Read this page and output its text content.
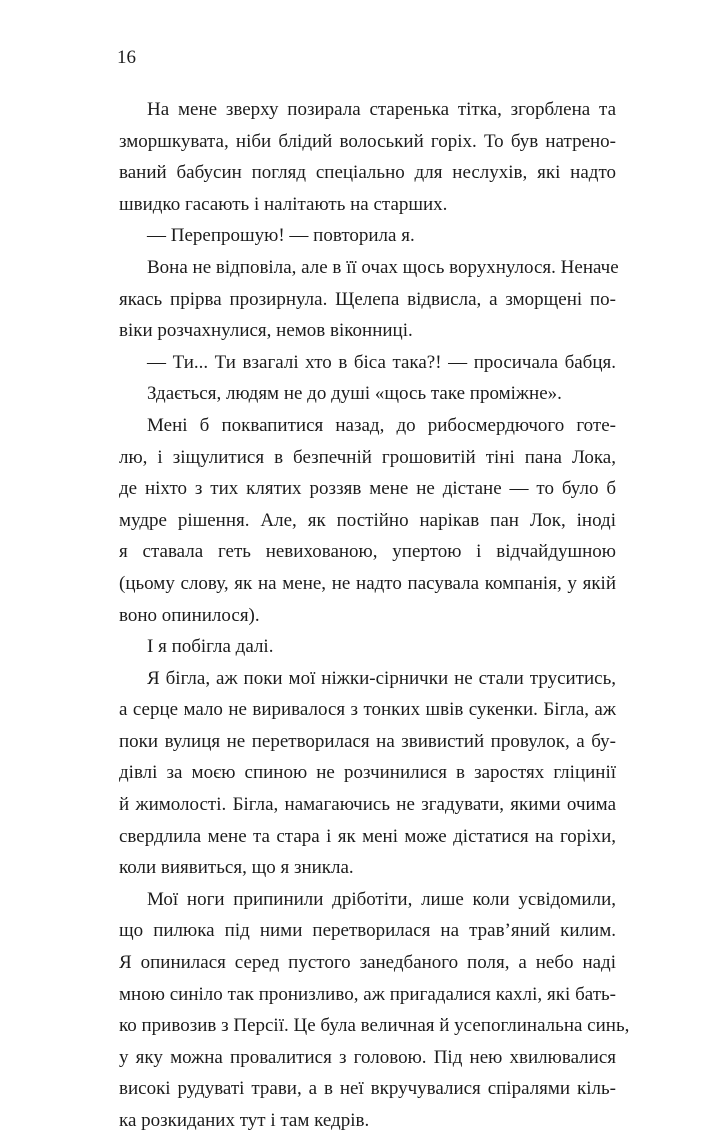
16
На мене зверху позирала старенька тітка, згорблена та
зморшкувата, ніби блідий волоський горіх. То був натрено-
ваний бабусин погляд спеціально для неслухів, які надто
швидко гасають і налітають на старших.
— Перепрошую! — повторила я.
Вона не відповіла, але в її очах щось ворухнулося. Неначе
якась прірва прозирнула. Щелепа відвисла, а зморщені по-
віки розчахнулися, немов віконниці.
— Ти... Ти взагалі хто в біса така?! — просичала бабця.
Здається, людям не до душі «щось таке проміжне».
Мені б поквапитися назад, до рибосмердючого готе-
лю, і зіщулитися в безпечній грошовитій тіні пана Лока,
де ніхто з тих клятих роззяв мене не дістане — то було б
мудре рішення. Але, як постійно нарікав пан Лок, іноді
я ставала геть невихованою, упертою і відчайдушною
(цьому слову, як на мене, не надто пасувала компанія, у якій
воно опинилося).
І я побігла далі.
Я бігла, аж поки мої ніжки-сірнички не стали труситись,
а серце мало не виривалося з тонких швів сукенки. Бігла, аж
поки вулиця не перетворилася на звивистий провулок, а бу-
дівлі за моєю спиною не розчинилися в заростях гліцинії
й жимолості. Бігла, намагаючись не згадувати, якими очима
свердлила мене та стара і як мені може дістатися на горіхи,
коли виявиться, що я зникла.
Мої ноги припинили дріботіти, лише коли усвідомили,
що пилюка під ними перетворилася на трав’яний килим.
Я опинилася серед пустого занедбаного поля, а небо наді
мною синіло так пронизливо, аж пригадалися кахлі, які бать-
ко привозив з Персії. Це була величная й усепоглинальна синь,
у яку можна провалитися з головою. Під нею хвилювалися
високі рудуваті трави, а в неї вкручувалися спіралями кіль-
ка розкиданих тут і там кедрів.
